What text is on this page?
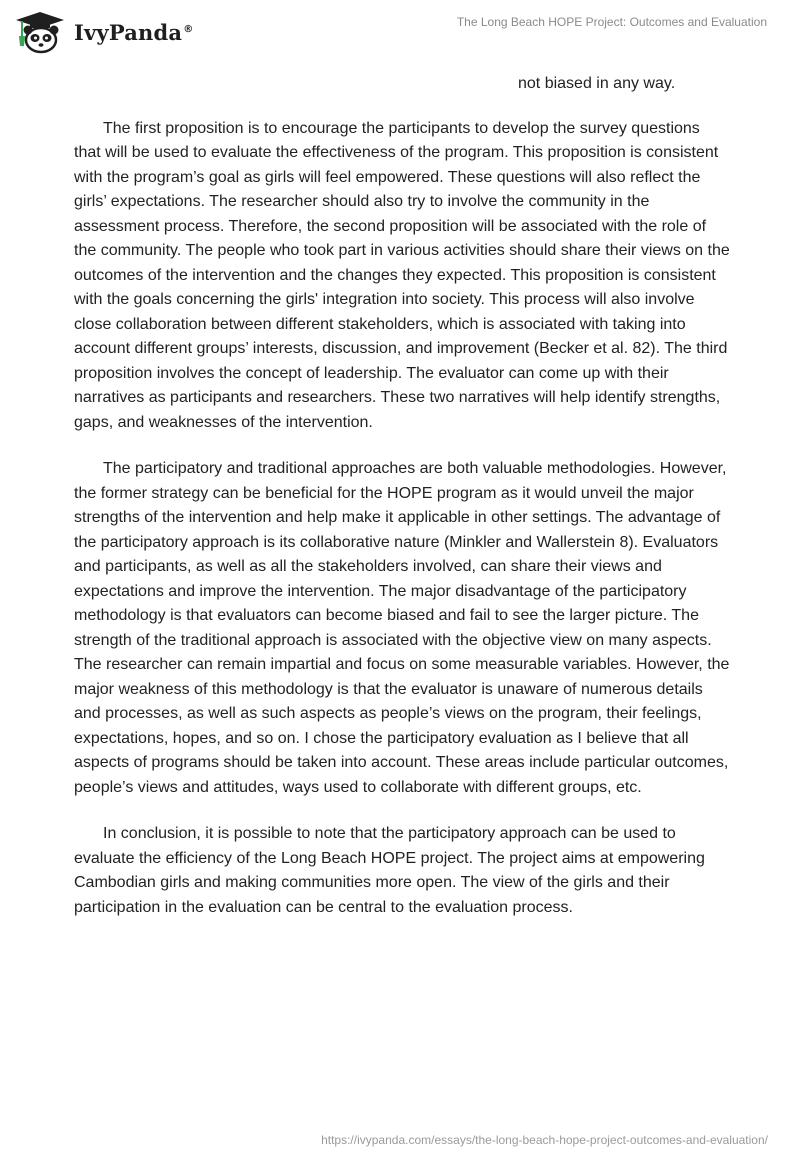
IvyPanda®	The Long Beach HOPE Project: Outcomes and Evaluation

not biased in any way.

The first proposition is to encourage the participants to develop the survey questions that will be used to evaluate the effectiveness of the program. This proposition is consistent with the program’s goal as girls will feel empowered. These questions will also reflect the girls’ expectations. The researcher should also try to involve the community in the assessment process. Therefore, the second proposition will be associated with the role of the community. The people who took part in various activities should share their views on the outcomes of the intervention and the changes they expected. This proposition is consistent with the goals concerning the girls' integration into society. This process will also involve close collaboration between different stakeholders, which is associated with taking into account different groups’ interests, discussion, and improvement (Becker et al. 82). The third proposition involves the concept of leadership. The evaluator can come up with their narratives as participants and researchers. These two narratives will help identify strengths, gaps, and weaknesses of the intervention.

The participatory and traditional approaches are both valuable methodologies. However, the former strategy can be beneficial for the HOPE program as it would unveil the major strengths of the intervention and help make it applicable in other settings. The advantage of the participatory approach is its collaborative nature (Minkler and Wallerstein 8). Evaluators and participants, as well as all the stakeholders involved, can share their views and expectations and improve the intervention. The major disadvantage of the participatory methodology is that evaluators can become biased and fail to see the larger picture. The strength of the traditional approach is associated with the objective view on many aspects. The researcher can remain impartial and focus on some measurable variables. However, the major weakness of this methodology is that the evaluator is unaware of numerous details and processes, as well as such aspects as people’s views on the program, their feelings, expectations, hopes, and so on. I chose the participatory evaluation as I believe that all aspects of programs should be taken into account. These areas include particular outcomes, people’s views and attitudes, ways used to collaborate with different groups, etc.

In conclusion, it is possible to note that the participatory approach can be used to evaluate the efficiency of the Long Beach HOPE project. The project aims at empowering Cambodian girls and making communities more open. The view of the girls and their participation in the evaluation can be central to the evaluation process.

https://ivypanda.com/essays/the-long-beach-hope-project-outcomes-and-evaluation/
